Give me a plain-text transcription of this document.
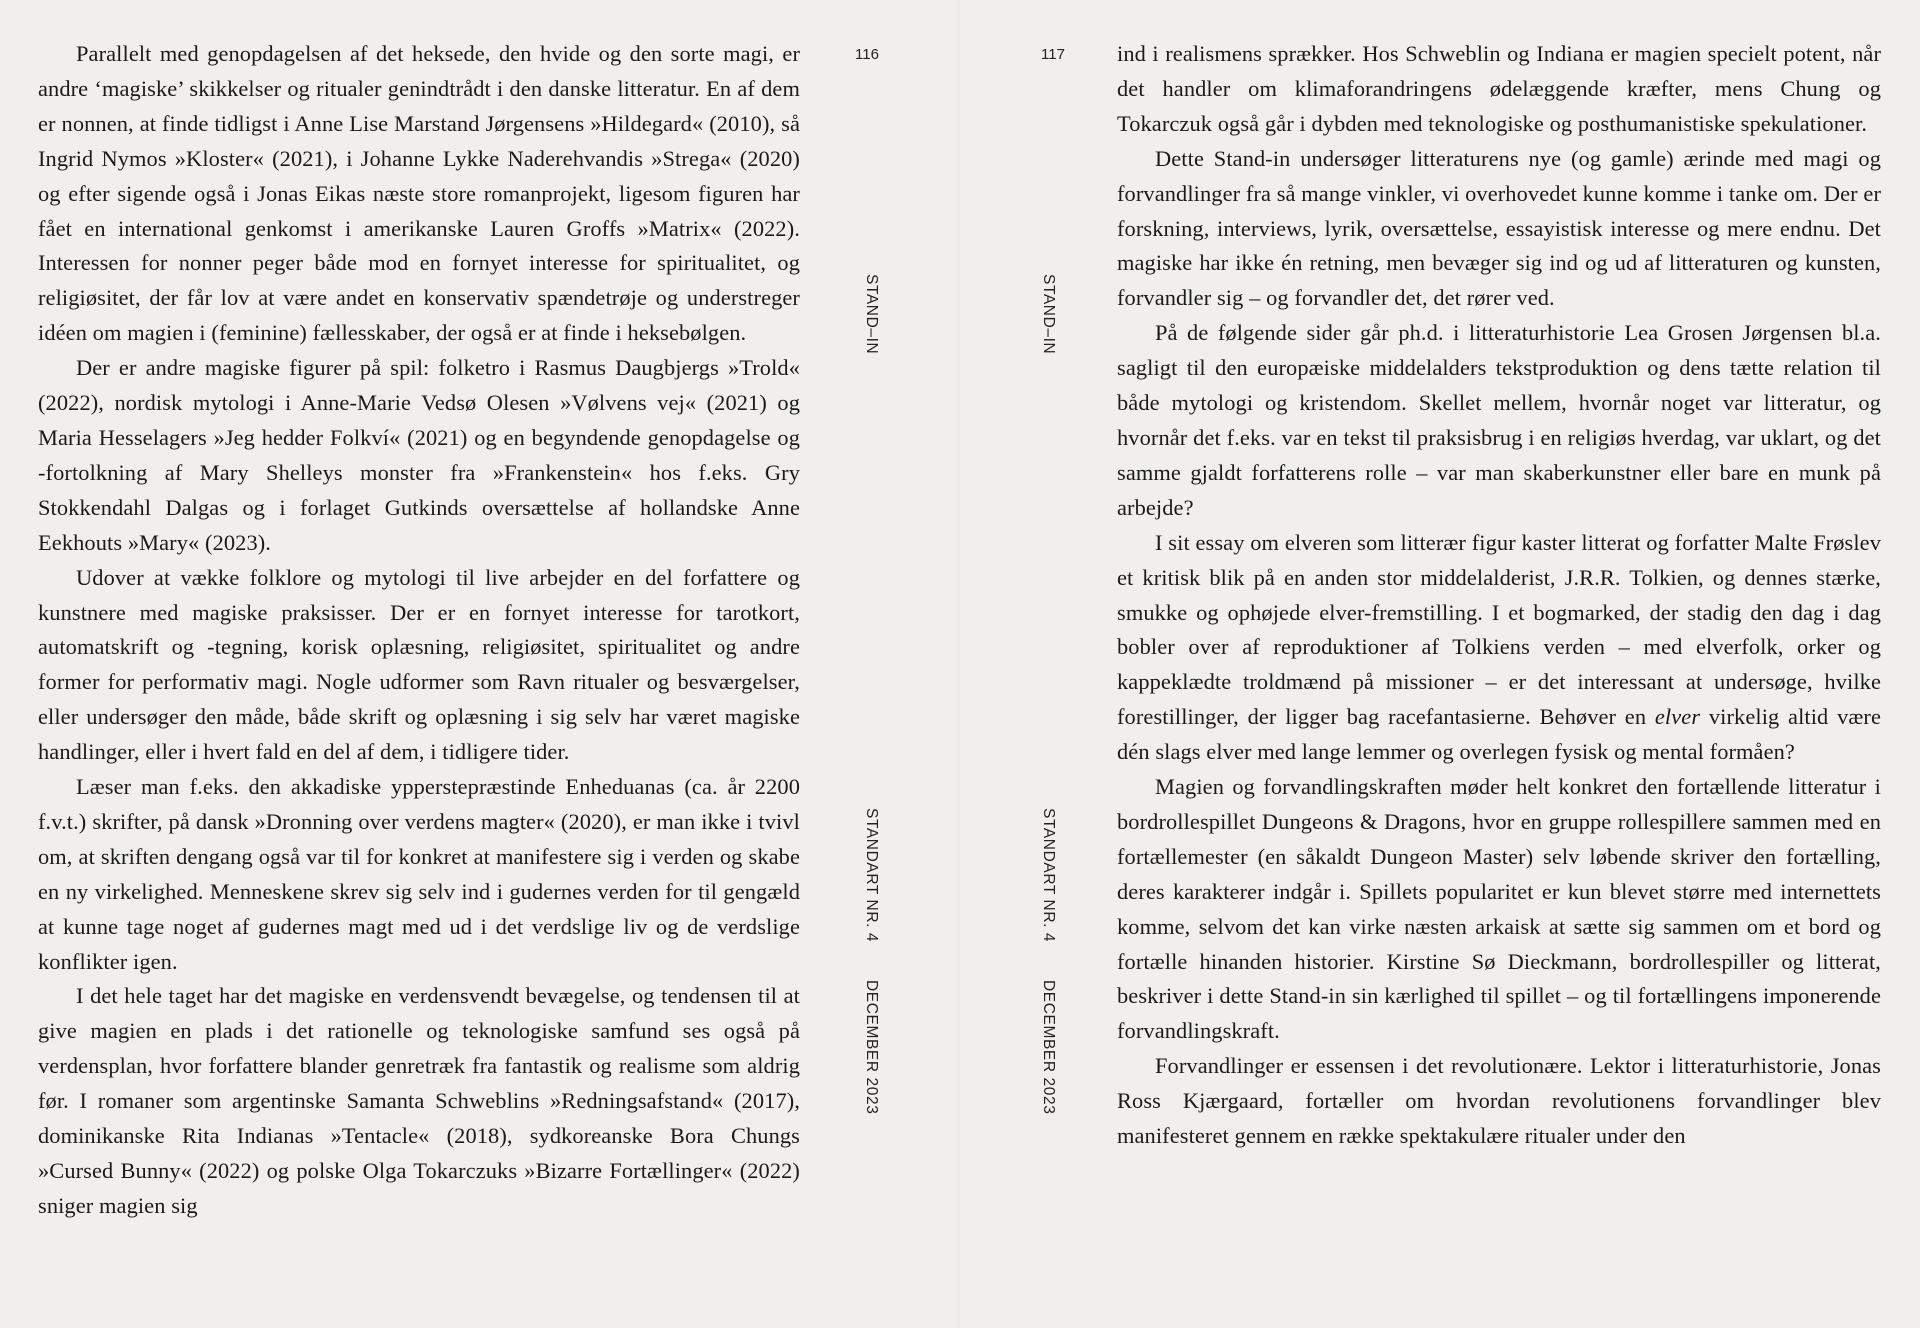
Parallelt med genopdagelsen af det heksede, den hvide og den sorte magi, er andre ‘magiske’ skikkelser og ritualer genindtrådt i den danske litteratur. En af dem er nonnen, at finde tidligst i Anne Lise Marstand Jørgensens »Hildegard« (2010), så Ingrid Nymos »Kloster« (2021), i Johanne Lykke Naderehvandis »Strega« (2020) og efter sigende også i Jonas Eikas næste store romanprojekt, ligesom figuren har fået en international genkomst i amerikanske Lauren Groffs »Matrix« (2022). Interessen for nonner peger både mod en fornyet interesse for spiritualitet, og religiøsitet, der får lov at være andet en konservativ spændetrøje og understreger idéen om magien i (feminine) fællesskaber, der også er at finde i heksebølgen.

Der er andre magiske figurer på spil: folketro i Rasmus Daugbjergs »Trold« (2022), nordisk mytologi i Anne-Marie Vedsø Olesen »Vølvens vej« (2021) og Maria Hesselagers »Jeg hedder Folkví« (2021) og en begyndende genopdagelse og -fortolkning af Mary Shelleys monster fra »Frankenstein« hos f.eks. Gry Stokkendahl Dalgas og i forlaget Gutkinds oversættelse af hollandske Anne Eekhouts »Mary« (2023).

Udover at vække folklore og mytologi til live arbejder en del forfattere og kunstnere med magiske praksisser. Der er en fornyet interesse for tarotkort, automatskrift og -tegning, korisk oplæsning, religiøsitet, spiritualitet og andre former for performativ magi. Nogle udformer som Ravn ritualer og besværgelser, eller undersøger den måde, både skrift og oplæsning i sig selv har været magiske handlinger, eller i hvert fald en del af dem, i tidligere tider.

Læser man f.eks. den akkadiske ypperstepræstinde Enheduanas (ca. år 2200 f.v.t.) skrifter, på dansk »Dronning over verdens magter« (2020), er man ikke i tvivl om, at skriften dengang også var til for konkret at manifestere sig i verden og skabe en ny virkelighed. Menneskene skrev sig selv ind i gudernes verden for til gengæld at kunne tage noget af gudernes magt med ud i det verdslige liv og de verdslige konflikter igen.

I det hele taget har det magiske en verdensvendt bevægelse, og tendensen til at give magien en plads i det rationelle og teknologiske samfund ses også på verdensplan, hvor forfattere blander genretræk fra fantastik og realisme som aldrig før. I romaner som argentinske Samanta Schweblins »Redningsafstand« (2017), dominikanske Rita Indianas »Tentacle« (2018), sydkoreanske Bora Chungs »Cursed Bunny« (2022) og polske Olga Tokarczuks »Bizarre Fortællinger« (2022) sniger magien sig

116
STAND–IN
STANDART NR. 4
DECEMBER 2023
117
STAND–IN
STANDART NR. 4
DECEMBER 2023

ind i realismens sprækker. Hos Schweblin og Indiana er magien specielt potent, når det handler om klimaforandringens ødelæggende kræfter, mens Chung og Tokarczuk også går i dybden med teknologiske og posthumanistiske spekulationer.

Dette Stand-in undersøger litteraturens nye (og gamle) ærinde med magi og forvandlinger fra så mange vinkler, vi overhovedet kunne komme i tanke om. Der er forskning, interviews, lyrik, oversættelse, essayistisk interesse og mere endnu. Det magiske har ikke én retning, men bevæger sig ind og ud af litteraturen og kunsten, forvandler sig – og forvandler det, det rører ved.

På de følgende sider går ph.d. i litteraturhistorie Lea Grosen Jørgensen bl.a. sagligt til den europæiske middelalders tekstproduktion og dens tætte relation til både mytologi og kristendom. Skellet mellem, hvornår noget var litteratur, og hvornår det f.eks. var en tekst til praksisbrug i en religiøs hverdag, var uklart, og det samme gjaldt forfatterens rolle – var man skaberkunstner eller bare en munk på arbejde?

I sit essay om elveren som litterær figur kaster litterat og forfatter Malte Frøslev et kritisk blik på en anden stor middelalderist, J.R.R. Tolkien, og dennes stærke, smukke og ophøjede elver-fremstilling. I et bogmarked, der stadig den dag i dag bobler over af reproduktioner af Tolkiens verden – med elverfolk, orker og kappeklædte troldmænd på missioner – er det interessant at undersøge, hvilke forestillinger, der ligger bag racefantasierne. Behøver en elver virkelig altid være dén slags elver med lange lemmer og overlegen fysisk og mental formåen?

Magien og forvandlingskraften møder helt konkret den fortællende litteratur i bordrollespillet Dungeons & Dragons, hvor en gruppe rollespillere sammen med en fortællemester (en såkaldt Dungeon Master) selv løbende skriver den fortælling, deres karakterer indgår i. Spillets popularitet er kun blevet større med internettets komme, selvom det kan virke næsten arkaisk at sætte sig sammen om et bord og fortælle hinanden historier. Kirstine Sø Dieckmann, bordrollespiller og litterat, beskriver i dette Stand-in sin kærlighed til spillet – og til fortællingens imponerende forvandlingskraft.

Forvandlinger er essensen i det revolutionære. Lektor i litteraturhistorie, Jonas Ross Kjærgaard, fortæller om hvordan revolutionens forvandlinger blev manifesteret gennem en række spektakulære ritualer under den
